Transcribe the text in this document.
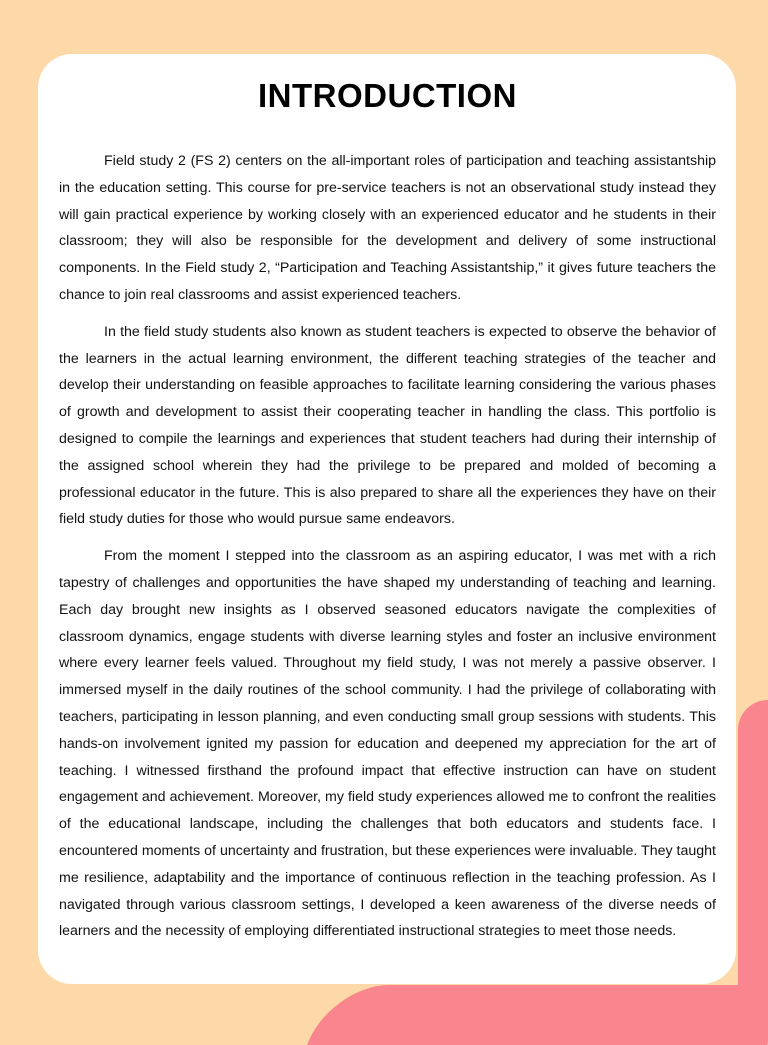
INTRODUCTION

Field study 2 (FS 2) centers on the all-important roles of participation and teaching assistantship in the education setting. This course for pre-service teachers is not an observational study instead they will gain practical experience by working closely with an experienced educator and he students in their classroom; they will also be responsible for the development and delivery of some instructional components. In the Field study 2, “Participation and Teaching Assistantship,” it gives future teachers the chance to join real classrooms and assist experienced teachers.

In the field study students also known as student teachers is expected to observe the behavior of the learners in the actual learning environment, the different teaching strategies of the teacher and develop their understanding on feasible approaches to facilitate learning considering the various phases of growth and development to assist their cooperating teacher in handling the class. This portfolio is designed to compile the learnings and experiences that student teachers had during their internship of the assigned school wherein they had the privilege to be prepared and molded of becoming a professional educator in the future. This is also prepared to share all the experiences they have on their field study duties for those who would pursue same endeavors.

From the moment I stepped into the classroom as an aspiring educator, I was met with a rich tapestry of challenges and opportunities the have shaped my understanding of teaching and learning. Each day brought new insights as I observed seasoned educators navigate the complexities of classroom dynamics, engage students with diverse learning styles and foster an inclusive environment where every learner feels valued. Throughout my field study, I was not merely a passive observer. I immersed myself in the daily routines of the school community. I had the privilege of collaborating with teachers, participating in lesson planning, and even conducting small group sessions with students. This hands-on involvement ignited my passion for education and deepened my appreciation for the art of teaching. I witnessed firsthand the profound impact that effective instruction can have on student engagement and achievement. Moreover, my field study experiences allowed me to confront the realities of the educational landscape, including the challenges that both educators and students face. I encountered moments of uncertainty and frustration, but these experiences were invaluable. They taught me resilience, adaptability and the importance of continuous reflection in the teaching profession. As I navigated through various classroom settings, I developed a keen awareness of the diverse needs of learners and the necessity of employing differentiated instructional strategies to meet those needs.
